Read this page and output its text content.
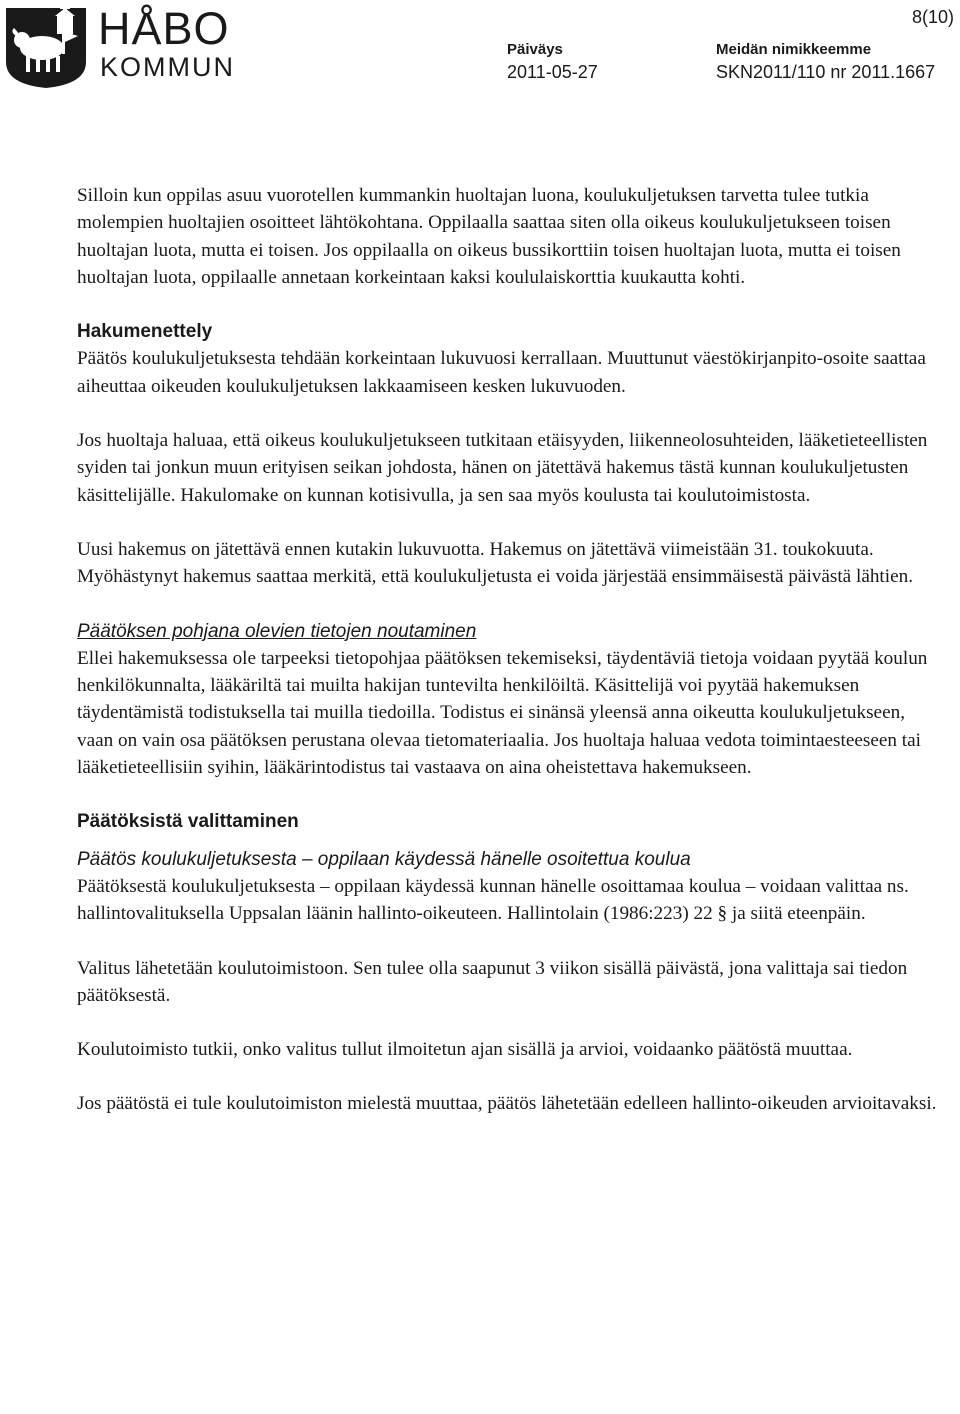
HÅBO
KOMMUN
8(10)
Päiväys
2011-05-27
Meidän nimikkeemme
SKN2011/110 nr 2011.1667

Silloin kun oppilas asuu vuorotellen kummankin huoltajan luona, koulukuljetuksen tarvetta tulee tutkia molempien huoltajien osoitteet lähtökohtana. Oppilaalla saattaa siten olla oikeus koulukuljetukseen toisen huoltajan luota, mutta ei toisen. Jos oppilaalla on oikeus bussikorttiin toisen huoltajan luota, mutta ei toisen huoltajan luota, oppilaalle annetaan korkeintaan kaksi koululaiskorttia kuukautta kohti.

Hakumenettely

Päätös koulukuljetuksesta tehdään korkeintaan lukuvuosi kerrallaan. Muuttunut väestökirjanpito-osoite saattaa aiheuttaa oikeuden koulukuljetuksen lakkaamiseen kesken lukuvuoden.

Jos huoltaja haluaa, että oikeus koulukuljetukseen tutkitaan etäisyyden, liikenneolosuhteiden, lääketieteellisten syiden tai jonkun muun erityisen seikan johdosta, hänen on jätettävä hakemus tästä kunnan koulukuljetusten käsittelijälle. Hakulomake on kunnan kotisivulla, ja sen saa myös koulusta tai koulutoimistosta.

Uusi hakemus on jätettävä ennen kutakin lukuvuotta. Hakemus on jätettävä viimeistään 31. toukokuuta. Myöhästynyt hakemus saattaa merkitä, että koulukuljetusta ei voida järjestää ensimmäisestä päivästä lähtien.

Päätöksen pohjana olevien tietojen noutaminen

Ellei hakemuksessa ole tarpeeksi tietopohjaa päätöksen tekemiseksi, täydentäviä tietoja voidaan pyytää koulun henkilökunnalta, lääkäriltä tai muilta hakijan tuntevilta henkilöiltä. Käsittelijä voi pyytää hakemuksen täydentämistä todistuksella tai muilla tiedoilla. Todistus ei sinänsä yleensä anna oikeutta koulukuljetukseen, vaan on vain osa päätöksen perustana olevaa tietomateriaalia. Jos huoltaja haluaa vedota toimintaesteeseen tai lääketieteellisiin syihin, lääkärintodistus tai vastaava on aina oheistettava hakemukseen.

Päätöksistä valittaminen
Päätös koulukuljetuksesta – oppilaan käydessä hänelle osoitettua koulua

Päätöksestä koulukuljetuksesta – oppilaan käydessä kunnan hänelle osoittamaa koulua – voidaan valittaa ns. hallintovalituksella Uppsalan läänin hallinto-oikeuteen. Hallintolain (1986:223) 22 § ja siitä eteenpäin.

Valitus lähetetään koulutoimistoon. Sen tulee olla saapunut 3 viikon sisällä päivästä, jona valittaja sai tiedon päätöksestä.

Koulutoimisto tutkii, onko valitus tullut ilmoitetun ajan sisällä ja arvioi, voidaanko päätöstä muuttaa.

Jos päätöstä ei tule koulutoimiston mielestä muuttaa, päätös lähetetään edelleen hallinto-oikeuden arvioitavaksi.
